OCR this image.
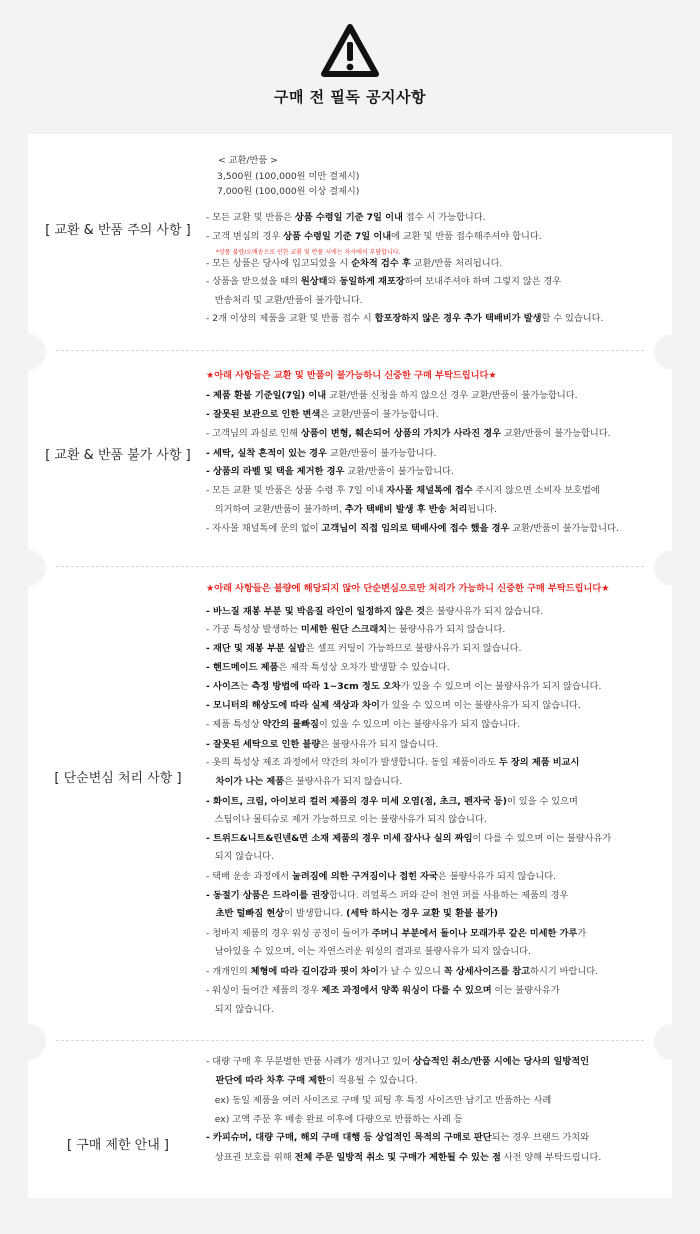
구매 전 필독 공지사항
[ 교환 & 반품 주의 사항 ]
< 교환/반품 >
3,500원 (100,000원 미만 결제시)
7,000원 (100,000원 이상 결제시)
- 모든 교환 및 반품은 상품 수령일 기준 7일 이내 접수 시 가능합니다.
- 고객 변심의 경우 상품 수령일 기준 7일 이내에 교환 및 반품 접수해주셔야 합니다.
*상품 불량/오배송으로 인한 교환 및 반품 시에는 자사에서 부담합니다.
- 모든 상품은 당사에 입고되었을 시 순차적 검수 후 교환/반품 처리됩니다.
- 상품을 받으셨을 때의 원상태와 동일하게 재포장하여 보내주셔야 하며 그렇지 않은 경우
반송처리 및 교환/반품이 불가합니다.
- 2개 이상의 제품을 교환 및 반품 접수 시 합포장하지 않은 경우 추가 택배비가 발생할 수 있습니다.
[ 교환 & 반품 불가 사항 ]
★아래 사항들은 교환 및 반품이 불가능하니 신중한 구매 부탁드립니다★
- 제품 환불 기준일(7일) 이내 교환/반품 신청을 하지 않으신 경우 교환/반품이 불가능합니다.
- 잘못된 보관으로 인한 변색은 교환/반품이 불가능합니다.
- 고객님의 과실로 인해 상품이 변형, 훼손되어 상품의 가치가 사라진 경우 교환/반품이 불가능합니다.
- 세탁, 실착 흔적이 있는 경우 교환/반품이 불가능합니다.
- 상품의 라벨 및 택을 제거한 경우 교환/반품이 불가능합니다.
- 모든 교환 및 반품은 상품 수령 후 7일 이내 자사몰 채널톡에 접수 주시지 않으면 소비자 보호법에
의거하여 교환/반품이 불가하며, 추가 택배비 발생 후 반송 처리됩니다.
- 자사몰 채널톡에 문의 없이 고객님이 직접 임의로 택배사에 접수 했을 경우 교환/반품이 불가능합니다.
[ 단순변심 처리 사항 ]
★아래 사항들은 불량에 해당되지 않아 단순변심으로만 처리가 가능하니 신중한 구매 부탁드립니다★
- 바느질 재봉 부분 및 박음질 라인이 일정하지 않은 것은 불량사유가 되지 않습니다.
- 가공 특성상 발생하는 미세한 원단 스크래치는 불량사유가 되지 않습니다.
- 재단 및 재봉 부분 실밥은 셀프 커팅이 가능하므로 불량사유가 되지 않습니다.
- 핸드메이드 제품은 제작 특성상 오차가 발생할 수 있습니다.
- 사이즈는 측정 방법에 따라 1~3cm 정도 오차가 있을 수 있으며 이는 불량사유가 되지 않습니다.
- 모니터의 해상도에 따라 실제 색상과 차이가 있을 수 있으며 이는 불량사유가 되지 않습니다.
- 제품 특성상 약간의 물빠짐이 있을 수 있으며 이는 불량사유가 되지 않습니다.
- 잘못된 세탁으로 인한 불량은 불량사유가 되지 않습니다.
- 옷의 특성상 제조 과정에서 약간의 차이가 발생합니다. 동일 제품이라도 두 장의 제품 비교시
차이가 나는 제품은 불량사유가 되지 않습니다.
- 화이트, 크림, 아이보리 컬러 제품의 경우 미세 오염(점, 초크, 펜자국 등)이 있을 수 있으며
스팀이나 물티슈로 제거 가능하므로 이는 불량사유가 되지 않습니다.
- 트위드&니트&린넨&면 소재 제품의 경우 미세 잡사나 실의 짜임이 다를 수 있으며 이는 불량사유가
되지 않습니다.
- 택배 운송 과정에서 눌려짐에 의한 구겨짐이나 접힌 자국은 불량사유가 되지 않습니다.
- 동절기 상품은 드라이를 권장합니다. 리얼폭스 퍼와 같이 천연 퍼를 사용하는 제품의 경우
초반 털빠짐 현상이 발생합니다. (세탁 하시는 경우 교환 및 환불 불가)
- 청바지 제품의 경우 워싱 공정이 들어가 주머니 부분에서 돌이나 모래가루 같은 미세한 가루가
남아있을 수 있으며, 이는 자연스러운 워싱의 결과로 불량사유가 되지 않습니다.
- 개개인의 체형에 따라 길이감과 핏이 차이가 날 수 있으니 꼭 상세사이즈를 참고하시기 바랍니다.
- 워싱이 들어간 제품의 경우 제조 과정에서 양쪽 워싱이 다를 수 있으며 이는 불량사유가
되지 않습니다.
[ 구매 제한 안내 ]
- 대량 구매 후 무분별한 반품 사례가 생겨나고 있어 상습적인 취소/반품 시에는 당사의 일방적인
판단에 따라 차후 구매 제한이 적용될 수 있습니다.
ex) 동일 제품을 여러 사이즈로 구매 및 피팅 후 특정 사이즈만 남기고 반품하는 사례
ex) 고액 주문 후 배송 완료 이후에 다량으로 반품하는 사례 등
- 카피슈머, 대량 구매, 해외 구매 대행 등 상업적인 목적의 구매로 판단되는 경우 브랜드 가치와
상표권 보호를 위해 전체 주문 일방적 취소 및 구매가 제한될 수 있는 점 사전 양해 부탁드립니다.
